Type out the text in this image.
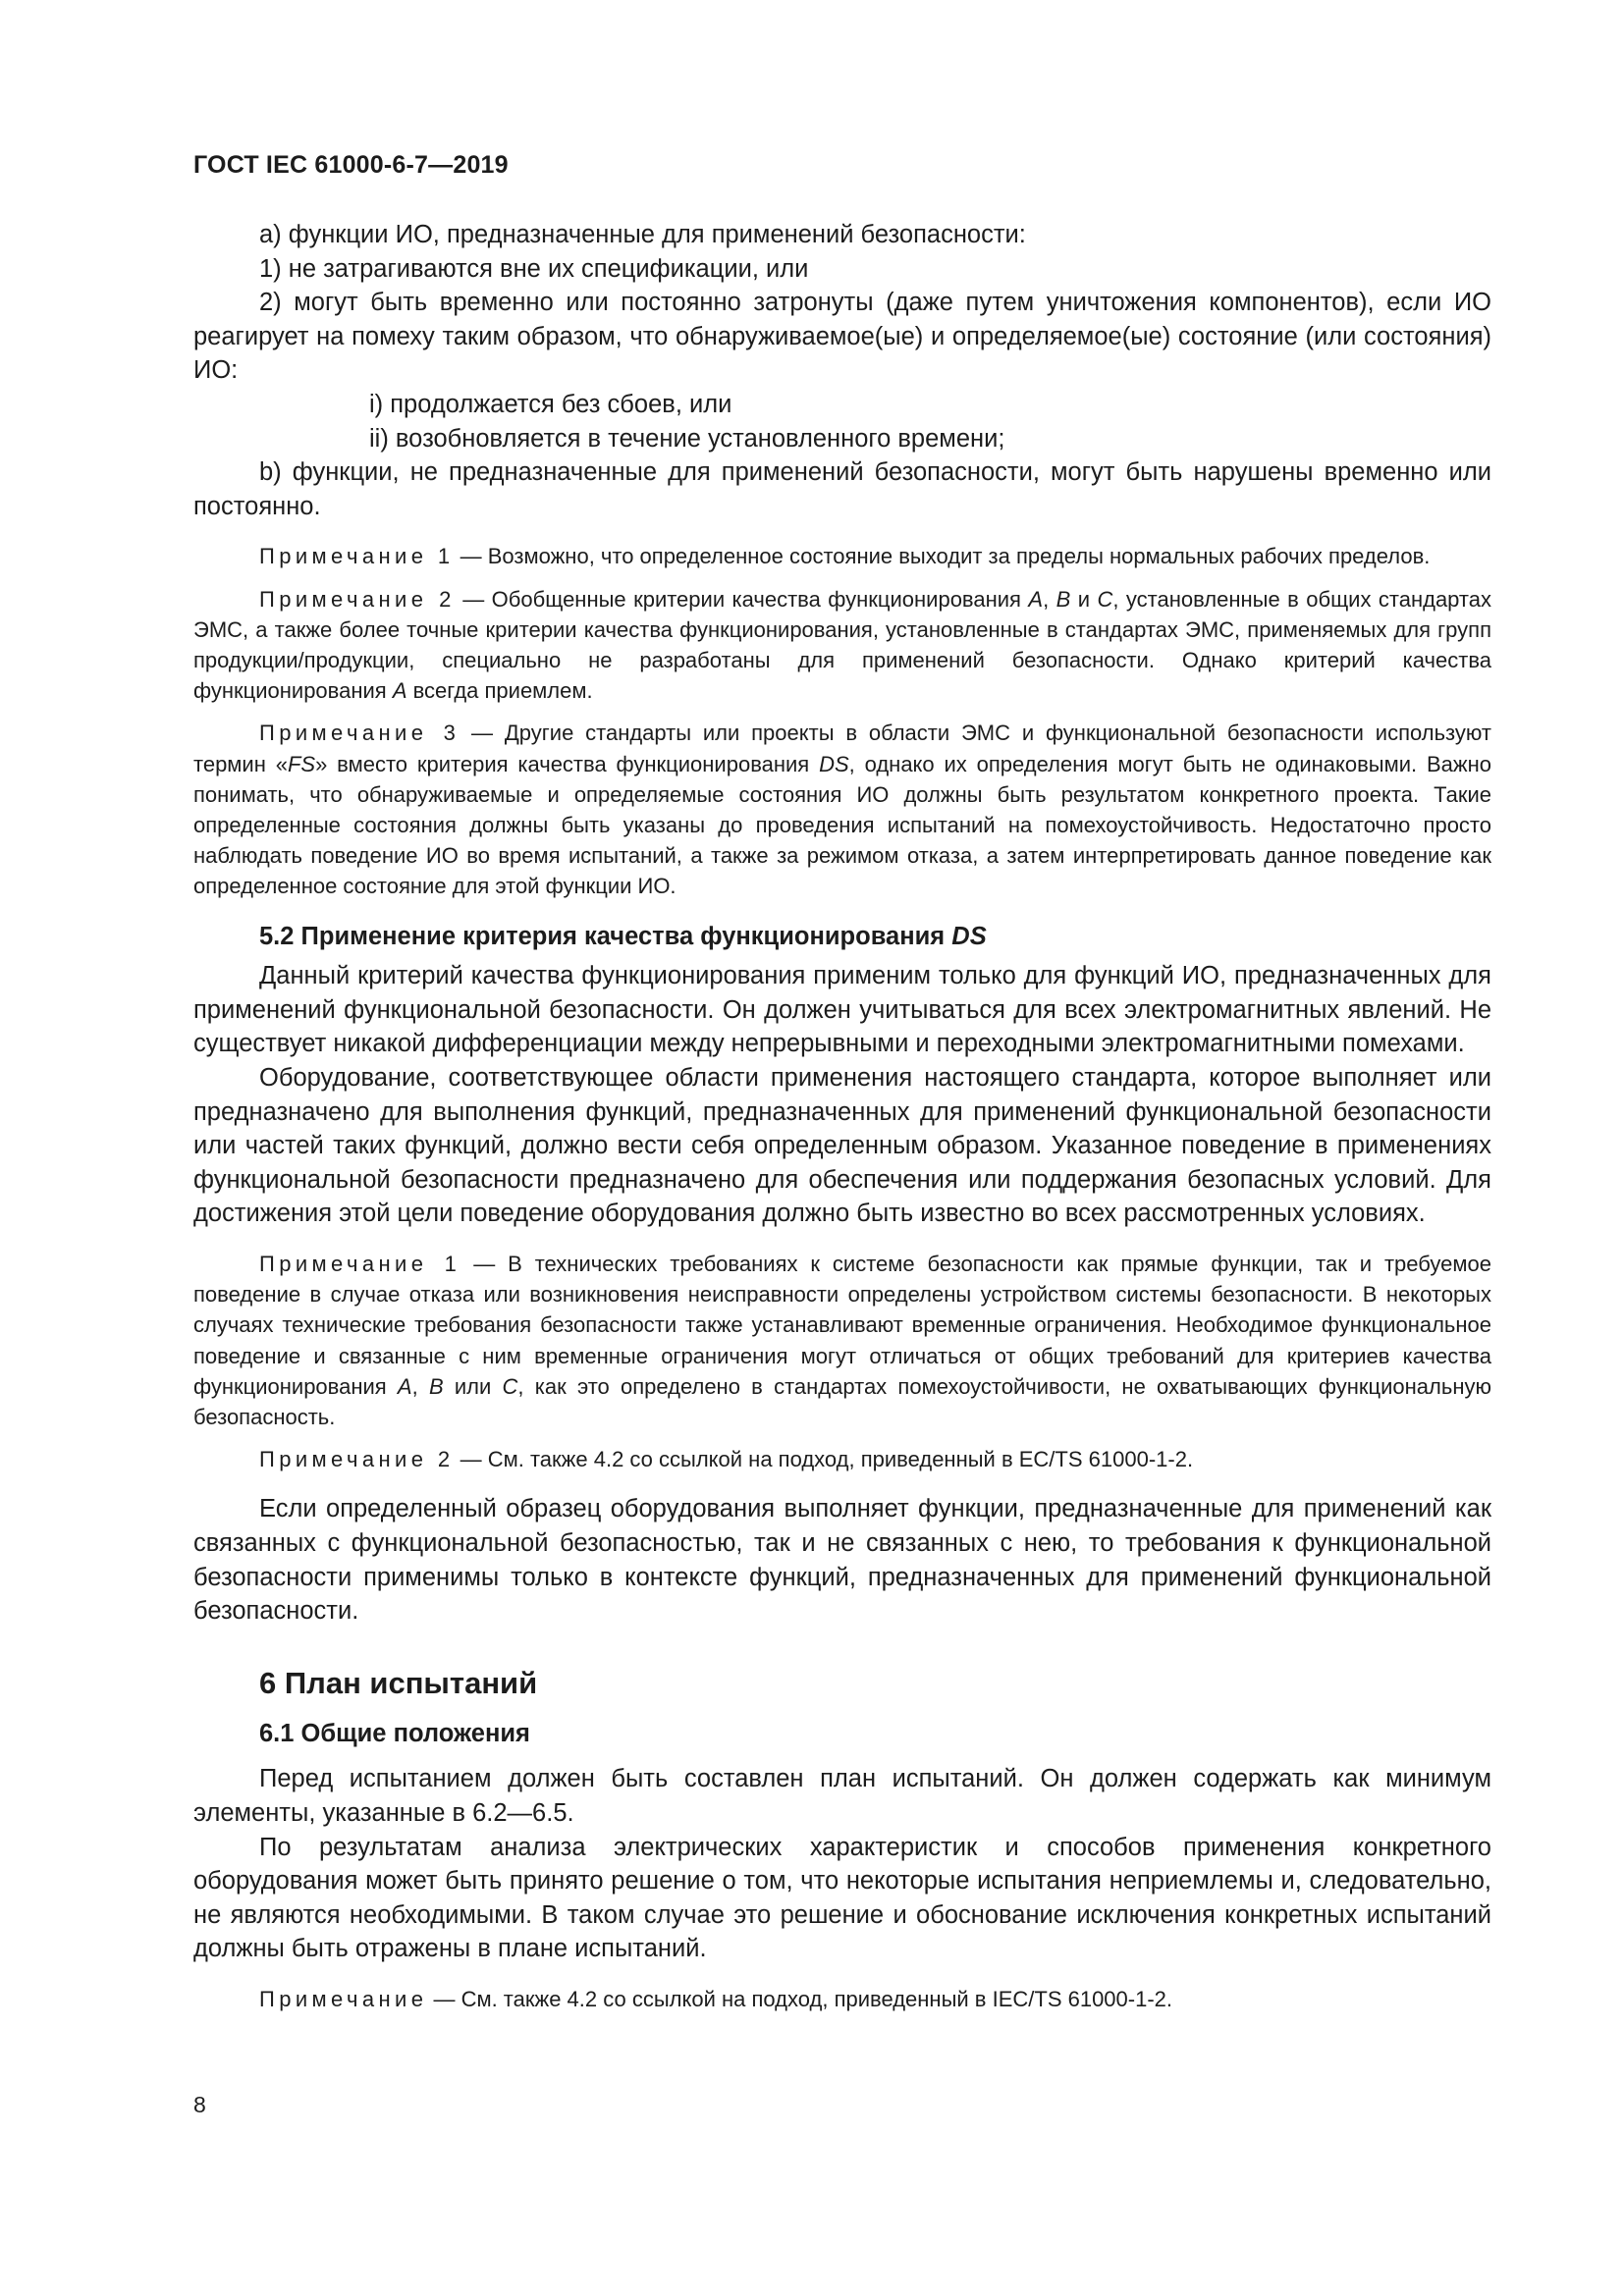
ГОСТ IEC 61000-6-7—2019

а) функции ИО, предназначенные для применений безопасности:

1) не затрагиваются вне их спецификации, или

2) могут быть временно или постоянно затронуты (даже путем уничтожения компонентов), если ИО реагирует на помеху таким образом, что обнаруживаемое(ые) и определяемое(ые) состояние (или состояния) ИО:

i) продолжается без сбоев, или

ii) возобновляется в течение установленного времени;

b) функции, не предназначенные для применений безопасности, могут быть нарушены временно или постоянно.

Примечание 1 — Возможно, что определенное состояние выходит за пределы нормальных рабочих пределов.

Примечание 2 — Обобщенные критерии качества функционирования А, B и С, установленные в общих стандартах ЭМС, а также более точные критерии качества функционирования, установленные в стандартах ЭМС, применяемых для групп продукции/продукции, специально не разработаны для применений безопасности. Однако критерий качества функционирования А всегда приемлем.

Примечание 3 — Другие стандарты или проекты в области ЭМС и функциональной безопасности используют термин «FS» вместо критерия качества функционирования DS, однако их определения могут быть не одинаковыми. Важно понимать, что обнаруживаемые и определяемые состояния ИО должны быть результатом конкретного проекта. Такие определенные состояния должны быть указаны до проведения испытаний на помехоустойчивость. Недостаточно просто наблюдать поведение ИО во время испытаний, а также за режимом отказа, а затем интерпретировать данное поведение как определенное состояние для этой функции ИО.

5.2 Применение критерия качества функционирования DS

Данный критерий качества функционирования применим только для функций ИО, предназначенных для применений функциональной безопасности. Он должен учитываться для всех электромагнитных явлений. Не существует никакой дифференциации между непрерывными и переходными электромагнитными помехами.

Оборудование, соответствующее области применения настоящего стандарта, которое выполняет или предназначено для выполнения функций, предназначенных для применений функциональной безопасности или частей таких функций, должно вести себя определенным образом. Указанное поведение в применениях функциональной безопасности предназначено для обеспечения или поддержания безопасных условий. Для достижения этой цели поведение оборудования должно быть известно во всех рассмотренных условиях.

Примечание 1 — В технических требованиях к системе безопасности как прямые функции, так и требуемое поведение в случае отказа или возникновения неисправности определены устройством системы безопасности. В некоторых случаях технические требования безопасности также устанавливают временные ограничения. Необходимое функциональное поведение и связанные с ним временные ограничения могут отличаться от общих требований для критериев качества функционирования А, B или C, как это определено в стандартах помехоустойчивости, не охватывающих функциональную безопасность.

Примечание 2 — См. также 4.2 со ссылкой на подход, приведенный в EC/TS 61000-1-2.

Если определенный образец оборудования выполняет функции, предназначенные для применений как связанных с функциональной безопасностью, так и не связанных с нею, то требования к функциональной безопасности применимы только в контексте функций, предназначенных для применений функциональной безопасности.

6 План испытаний
6.1 Общие положения

Перед испытанием должен быть составлен план испытаний. Он должен содержать как минимум элементы, указанные в 6.2—6.5.

По результатам анализа электрических характеристик и способов применения конкретного оборудования может быть принято решение о том, что некоторые испытания неприемлемы и, следовательно, не являются необходимыми. В таком случае это решение и обоснование исключения конкретных испытаний должны быть отражены в плане испытаний.

Примечание — См. также 4.2 со ссылкой на подход, приведенный в IEC/TS 61000-1-2.

8
